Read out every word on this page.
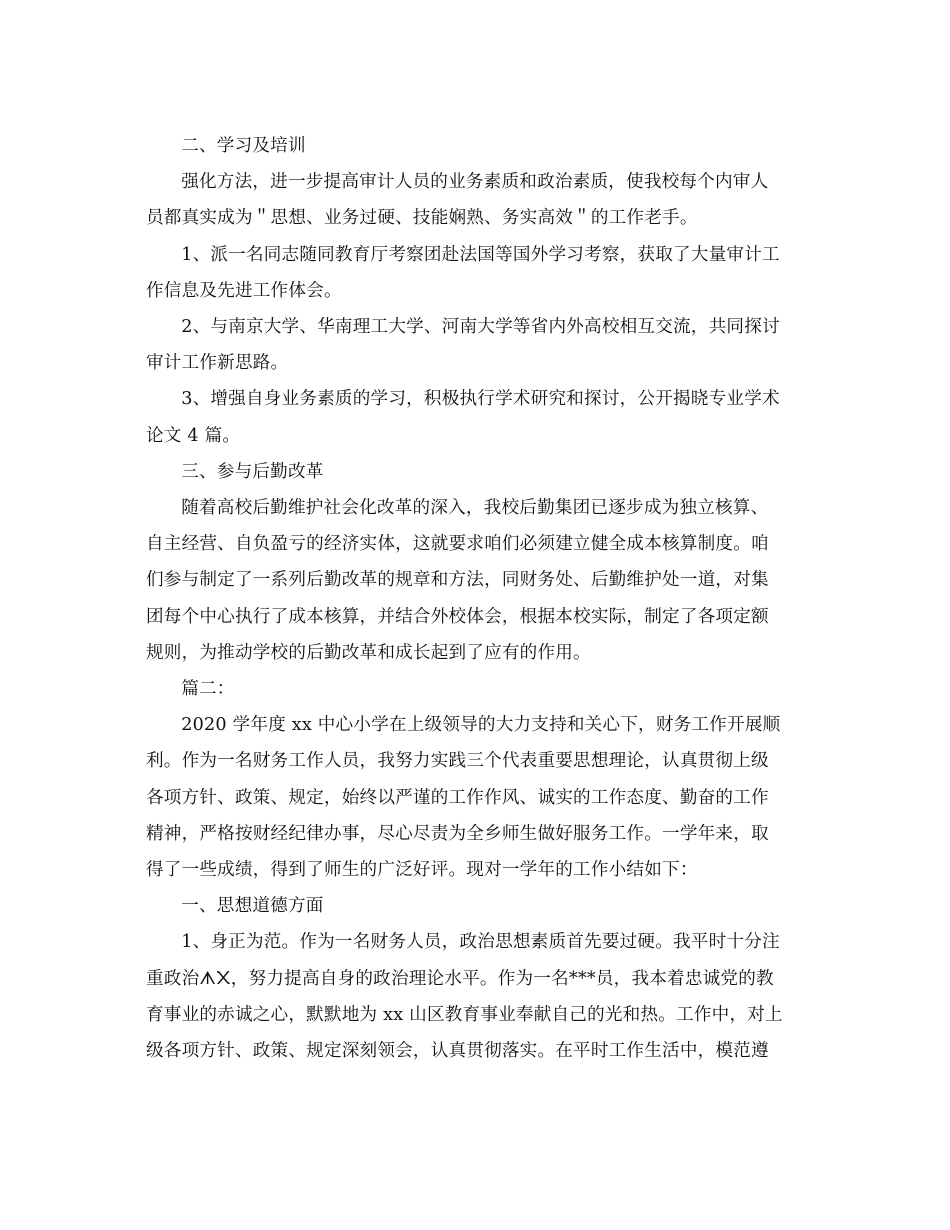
二、学习及培训
强化方法，进一步提高审计人员的业务素质和政治素质，使我校每个内审人
员都真实成为＂思想、业务过硬、技能娴熟、务实高效＂的工作老手。
1、派一名同志随同教育厅考察团赴法国等国外学习考察，获取了大量审计工
作信息及先进工作体会。
2、与南京大学、华南理工大学、河南大学等省内外高校相互交流，共同探讨
审计工作新思路。
3、增强自身业务素质的学习，积极执行学术研究和探讨，公开揭晓专业学术
论文 4 篇。
三、参与后勤改革
随着高校后勤维护社会化改革的深入，我校后勤集团已逐步成为独立核算、
自主经营、自负盈亏的经济实体，这就要求咱们必须建立健全成本核算制度。咱
们参与制定了一系列后勤改革的规章和方法，同财务处、后勤维护处一道，对集
团每个中心执行了成本核算，并结合外校体会，根据本校实际，制定了各项定额
规则，为推动学校的后勤改革和成长起到了应有的作用。
篇二：
2020 学年度 xx 中心小学在上级领导的大力支持和关心下，财务工作开展顺
利。作为一名财务工作人员，我努力实践三个代表重要思想理论，认真贯彻上级
各项方针、政策、规定，始终以严谨的工作作风、诚实的工作态度、勤奋的工作
精神，严格按财经纪律办事，尽心尽责为全乡师生做好服务工作。一学年来，取
得了一些成绩，得到了师生的广泛好评。现对一学年的工作小结如下：
一、思想道德方面
1、身正为范。作为一名财务人员，政治思想素质首先要过硬。我平时十分注
重政治ᗑ᙭，努力提高自身的政治理论水平。作为一名***员，我本着忠诚党的教
育事业的赤诚之心，默默地为 xx 山区教育事业奉献自己的光和热。工作中，对上
级各项方针、政策、规定深刻领会，认真贯彻落实。在平时工作生活中，模范遵
